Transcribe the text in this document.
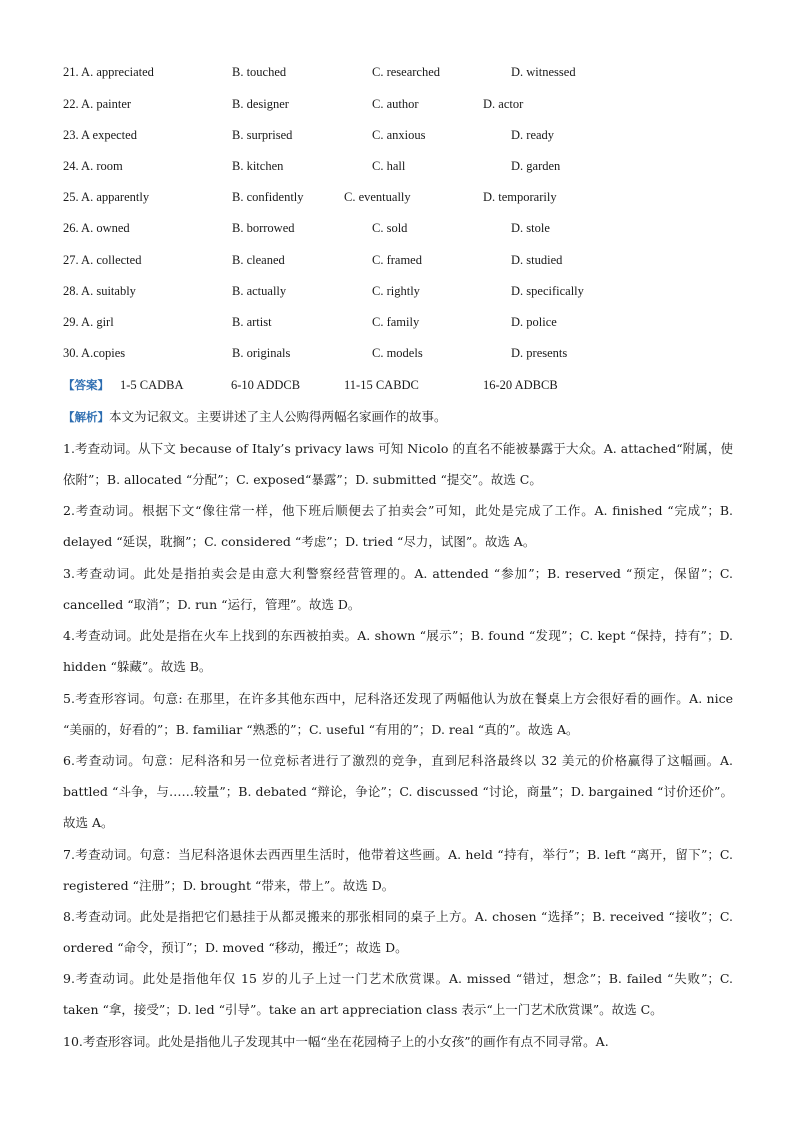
21. A. appreciated	B. touched	C. researched	D. witnessed
22. A. painter	B. designer	C. author	D. actor
23. A expected	B. surprised	C. anxious	D. ready
24. A. room	B. kitchen	C. hall	D. garden
25. A. apparently	B. confidently	C. eventually	D. temporarily
26. A. owned	B. borrowed	C. sold	D. stole
27. A. collected	B. cleaned	C. framed	D. studied
28. A. suitably	B. actually	C. rightly	D. specifically
29. A. girl	B. artist	C. family	D. police
30. A.copies	B. originals	C. models	D. presents
【答案】 1-5 CADBA	6-10 ADDCB	11-15 CABDC	16-20 ADBCB
【解析】本文为记叙文。主要讲述了主人公购得两幅名家画作的故事。
1.考查动词。从下文 because of Italy’s privacy laws 可知 Nicolo 的直名不能被暴露于大众。A. attached“附属，使依附”；B. allocated “分配”；C. exposed“暴露”；D. submitted “提交”。故选 C。
2.考查动词。根据下文“像往常一样，他下班后顺便去了拍卖会”可知，此处是完成了工作。A. finished “完成”；B. delayed “延误，耽搁”；C. considered “考虑”；D. tried “尽力，试图”。故选 A。
3.考查动词。此处是指拍卖会是由意大利警察经营管理的。A. attended “参加”；B. reserved “预定，保留”；C. cancelled “取消”；D. run “运行，管理”。故选 D。
4.考查动词。此处是指在火车上找到的东西被拍卖。A. shown “展示”；B. found “发现”；C. kept “保持，持有”；D. hidden “躲藏”。故选 B。
5.考查形容词。句意: 在那里，在许多其他东西中，尼科洛还发现了两幅他认为放在餐桌上方会很好看的画作。A. nice “美丽的，好看的”；B. familiar “熟悉的”；C. useful “有用的”；D. real “真的”。故选 A。
6.考查动词。句意：尼科洛和另一位竞标者进行了激烈的竞争，直到尼科洛最终以 32 美元的价格赢得了这幅画。A. battled “斗争，与……较量”；B. debated “辩论，争论”；C. discussed “讨论，商量”；D. bargained “讨价还价”。故选 A。
7.考查动词。句意：当尼科洛退休去西西里生活时，他带着这些画。A. held “持有，举行”；B. left “离开，留下”；C. registered “注册”；D. brought “带来，带上”。故选 D。
8.考查动词。此处是指把它们悬挂于从都灵搬来的那张相同的桌子上方。A. chosen “选择”；B. received “接收”；C. ordered “命令，预订”；D. moved “移动，搬迁”；故选 D。
9.考查动词。此处是指他年仅 15 岁的儿子上过一门艺术欣赏课。A. missed “错过，想念”；B. failed “失败”；C. taken “拿，接受”；D. led “引导”。take an art appreciation class 表示“上一门艺术欣赏课”。故选 C。
10.考查形容词。此处是指他儿子发现其中一幅“坐在花园椅子上的小女孩”的画作有点不同寻常。A.
